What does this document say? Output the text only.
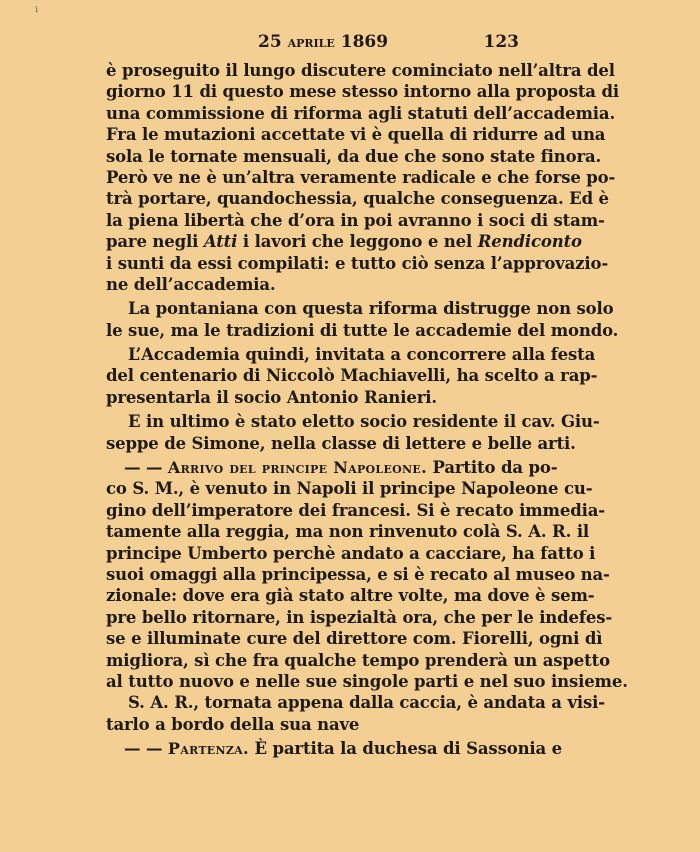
ı
25 aprile 1869	123
è proseguito il lungo discutere cominciato nell’altra del
giorno 11 di questo mese stesso intorno alla proposta di
una commissione di riforma agli statuti dell’accademia.
Fra le mutazioni accettate vi è quella di ridurre ad una
sola le tornate mensuali, da due che sono state finora.
Però ve ne è un’altra veramente radicale e che forse po-
trà portare, quandochessia, qualche conseguenza. Ed è
la piena libertà che d’ora in poi avranno i soci di stam-
pare negli Atti i lavori che leggono e nel Rendiconto
i sunti da essi compilati: e tutto ciò senza l’approvazio-
ne dell’accademia.
La pontaniana con questa riforma distrugge non solo
le sue, ma le tradizioni di tutte le accademie del mondo.
L’Accademia quindi, invitata a concorrere alla festa
del centenario di Niccolò Machiavelli, ha scelto a rap-
presentarla il socio Antonio Ranieri.
E in ultimo è stato eletto socio residente il cav. Giu-
seppe de Simone, nella classe di lettere e belle arti.
— — Arrivo del principe Napoleone. Partito da po-
co S. M., è venuto in Napoli il principe Napoleone cu-
gino dell’imperatore dei francesi. Si è recato immedia-
tamente alla reggia, ma non rinvenuto colà S. A. R. il
principe Umberto perchè andato a cacciare, ha fatto i
suoi omaggi alla principessa, e si è recato al museo na-
zionale: dove era già stato altre volte, ma dove è sem-
pre bello ritornare, in ispezialtà ora, che per le indefes-
se e illuminate cure del direttore com. Fiorelli, ogni dì
migliora, sì che fra qualche tempo prenderà un aspetto
al tutto nuovo e nelle sue singole parti e nel suo insieme.
S. A. R., tornata appena dalla caccia, è andata a visi-
tarlo a bordo della sua nave
— — Partenza. È partita la duchesa di Sassonia e
